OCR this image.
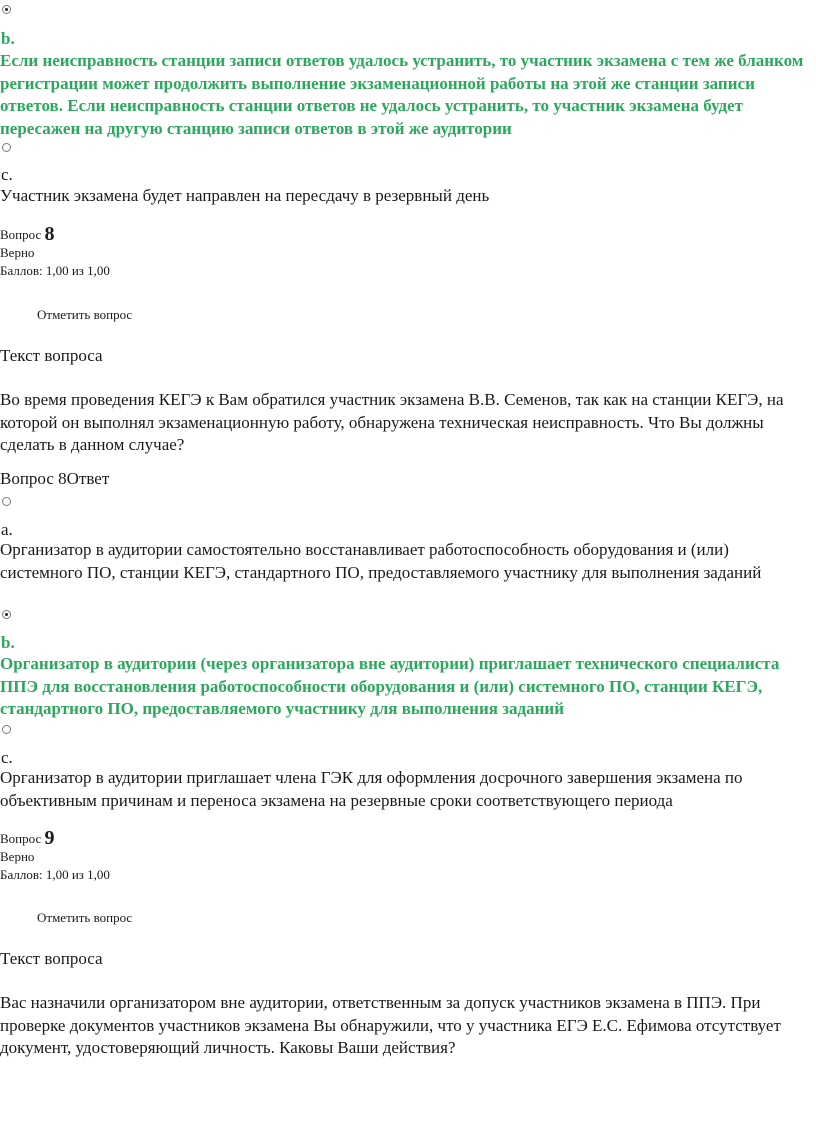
b.
Если неисправность станции записи ответов удалось устранить, то участник экзамена с тем же бланком регистрации может продолжить выполнение экзаменационной работы на этой же станции записи ответов. Если неисправность станции ответов не удалось устранить, то участник экзамена будет пересажен на другую станцию записи ответов в этой же аудитории
c.
Участник экзамена будет направлен на пересдачу в резервный день
Вопрос 8
Верно
Баллов: 1,00 из 1,00
Отметить вопрос
Текст вопроса
Во время проведения КЕГЭ к Вам обратился участник экзамена В.В. Семенов, так как на станции КЕГЭ, на которой он выполнял экзаменационную работу, обнаружена техническая неисправность. Что Вы должны сделать в данном случае?
Вопрос 8Ответ
a.
Организатор в аудитории самостоятельно восстанавливает работоспособность оборудования и (или) системного ПО, станции КЕГЭ, стандартного ПО, предоставляемого участнику для выполнения заданий
b.
Организатор в аудитории (через организатора вне аудитории) приглашает технического специалиста ППЭ для восстановления работоспособности оборудования и (или) системного ПО, станции КЕГЭ, стандартного ПО, предоставляемого участнику для выполнения заданий
c.
Организатор в аудитории приглашает члена ГЭК для оформления досрочного завершения экзамена по объективным причинам и переноса экзамена на резервные сроки соответствующего периода
Вопрос 9
Верно
Баллов: 1,00 из 1,00
Отметить вопрос
Текст вопроса
Вас назначили организатором вне аудитории, ответственным за допуск участников экзамена в ППЭ. При проверке документов участников экзамена Вы обнаружили, что у участника ЕГЭ Е.С. Ефимова отсутствует документ, удостоверяющий личность. Каковы Ваши действия?
